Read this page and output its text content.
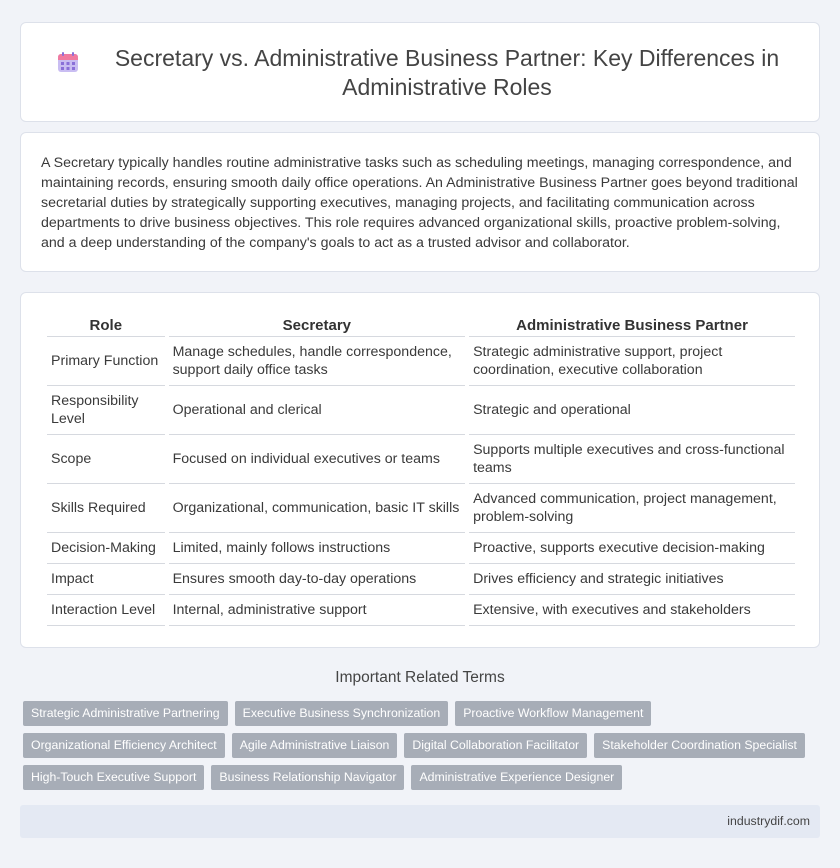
Secretary vs. Administrative Business Partner: Key Differences in Administrative Roles

A Secretary typically handles routine administrative tasks such as scheduling meetings, managing correspondence, and maintaining records, ensuring smooth daily office operations. An Administrative Business Partner goes beyond traditional secretarial duties by strategically supporting executives, managing projects, and facilitating communication across departments to drive business objectives. This role requires advanced organizational skills, proactive problem-solving, and a deep understanding of the company's goals to act as a trusted advisor and collaborator.

Role	Secretary	Administrative Business Partner
Primary Function	Manage schedules, handle correspondence, support daily office tasks	Strategic administrative support, project coordination, executive collaboration
Responsibility Level	Operational and clerical	Strategic and operational
Scope	Focused on individual executives or teams	Supports multiple executives and cross-functional teams
Skills Required	Organizational, communication, basic IT skills	Advanced communication, project management, problem-solving
Decision-Making	Limited, mainly follows instructions	Proactive, supports executive decision-making
Impact	Ensures smooth day-to-day operations	Drives efficiency and strategic initiatives
Interaction Level	Internal, administrative support	Extensive, with executives and stakeholders
Important Related Terms
Strategic Administrative Partnering	Executive Business Synchronization	Proactive Workflow Management
Organizational Efficiency Architect	Agile Administrative Liaison	Digital Collaboration Facilitator	Stakeholder Coordination Specialist
High-Touch Executive Support	Business Relationship Navigator	Administrative Experience Designer
industrydif.com
